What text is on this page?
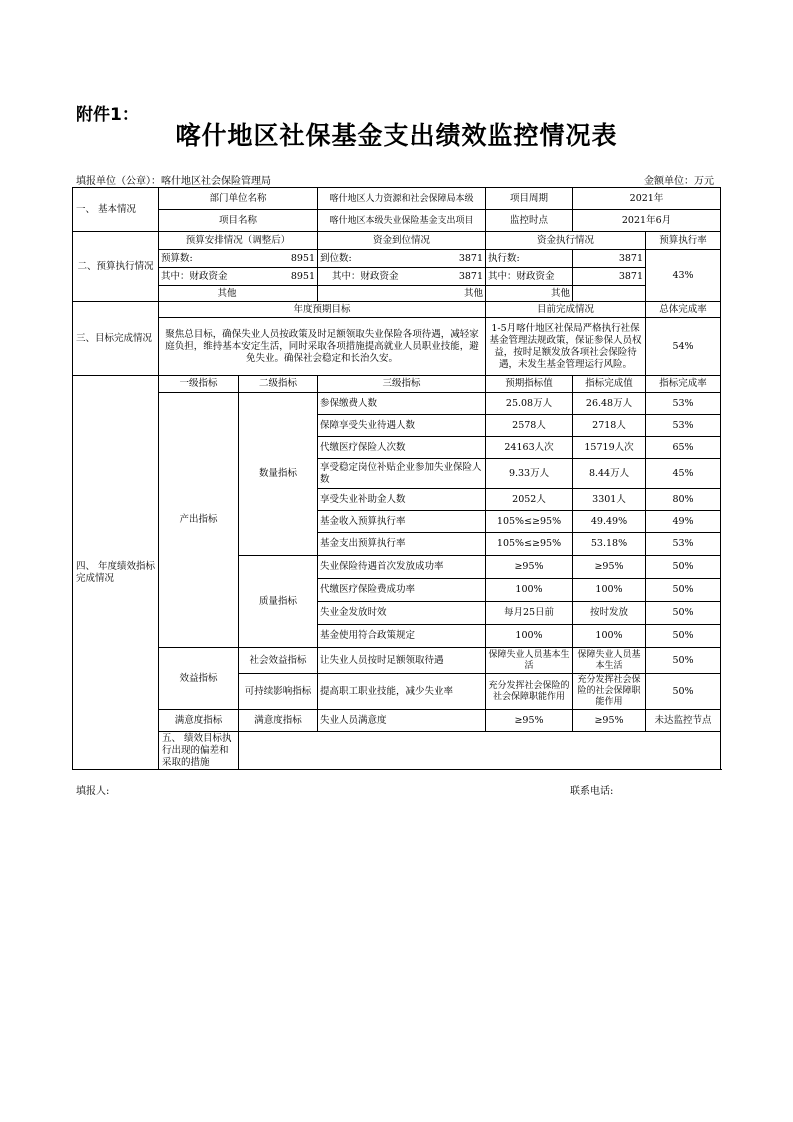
附件1：
喀什地区社保基金支出绩效监控情况表
填报单位（公章）：喀什地区社会保险管理局	金额单位：万元
一、 基本情况	部门单位名称		喀什地区人力资源和社会保障局本级	项目周期	2021年	
	项目名称		喀什地区本级失业保险基金支出项目	监控时点	2021年6月	
二、预算执行情况	预算安排情况（调整后）		资金到位情况	资金执行情况		预算执行率
	预算数:	8951	到位数: 3871	执行数:	3871	43%
	其中：财政资金	8951	其中：财政资金 3871	其中：财政资金	3871	
	其他		其他	其他		
三、目标完成情况	年度预期目标			目前完成情况		总体完成率
	聚焦总目标，确保失业人员按政策及时足额领取失业保险各项待遇，减轻家庭负担，维持基本安定生活，同时采取各项措施提高就业人员职业技能，避免失业。确保社会稳定和长治久安。			1-5月喀什地区社保局严格执行社保基金管理法规政策，保证参保人员权益，按时足额发放各项社会保险待遇，未发生基金管理运行风险。		54%
四、 年度绩效指标完成情况	一级指标	二级指标	三级指标	预期指标值	指标完成值	指标完成率
	产出指标	数量指标	参保缴费人数	25.08万人	26.48万人	53%
			保障享受失业待遇人数	2578人	2718人	53%
			代缴医疗保险人次数	24163人次	15719人次	65%
			享受稳定岗位补贴企业参加失业保险人数	9.33万人	8.44万人	45%
			享受失业补助金人数	2052人	3301人	80%
			基金收入预算执行率	105%≤≥95%	49.49%	49%
			基金支出预算执行率	105%≤≥95%	53.18%	53%
		质量指标	失业保险待遇首次发放成功率	≥95%	≥95%	50%
			代缴医疗保险费成功率	100%	100%	50%
			失业金发放时效	每月25日前	按时发放	50%
			基金使用符合政策规定	100%	100%	50%
	效益指标	社会效益指标	让失业人员按时足额领取待遇	保障失业人员基本生活	保障失业人员基本生活	50%
		可持续影响指标	提高职工职业技能，减少失业率	充分发挥社会保险的社会保障职能作用	充分发挥社会保险的社会保障职能作用	50%
	满意度指标	满意度指标	失业人员满意度	≥95%	≥95%	未达监控节点
	五、 绩效目标执行出现的偏差和采取的措施					
填报人:	联系电话:
